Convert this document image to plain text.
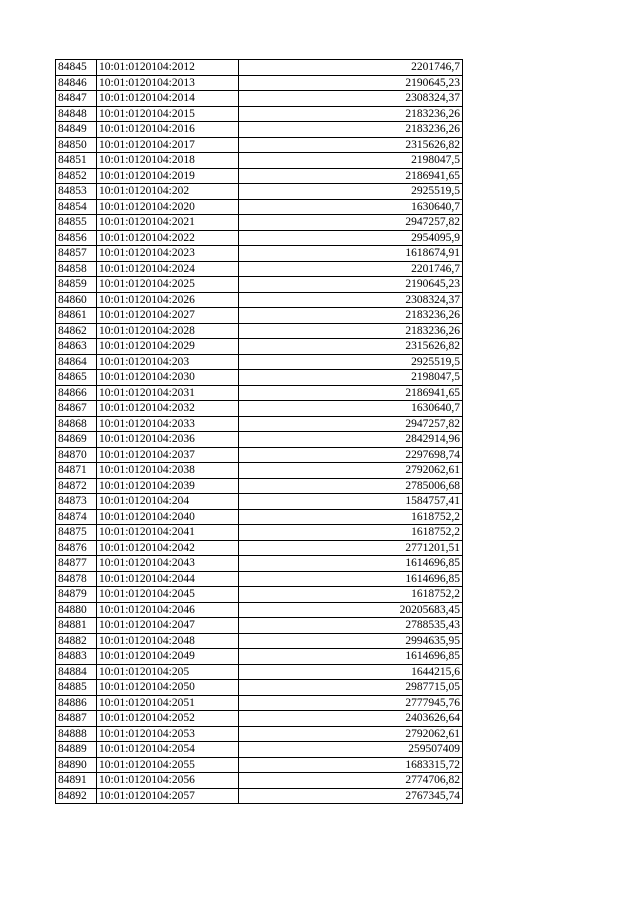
84845	10:01:0120104:2012	2201746,7
84846	10:01:0120104:2013	2190645,23
84847	10:01:0120104:2014	2308324,37
84848	10:01:0120104:2015	2183236,26
84849	10:01:0120104:2016	2183236,26
84850	10:01:0120104:2017	2315626,82
84851	10:01:0120104:2018	2198047,5
84852	10:01:0120104:2019	2186941,65
84853	10:01:0120104:202	2925519,5
84854	10:01:0120104:2020	1630640,7
84855	10:01:0120104:2021	2947257,82
84856	10:01:0120104:2022	2954095,9
84857	10:01:0120104:2023	1618674,91
84858	10:01:0120104:2024	2201746,7
84859	10:01:0120104:2025	2190645,23
84860	10:01:0120104:2026	2308324,37
84861	10:01:0120104:2027	2183236,26
84862	10:01:0120104:2028	2183236,26
84863	10:01:0120104:2029	2315626,82
84864	10:01:0120104:203	2925519,5
84865	10:01:0120104:2030	2198047,5
84866	10:01:0120104:2031	2186941,65
84867	10:01:0120104:2032	1630640,7
84868	10:01:0120104:2033	2947257,82
84869	10:01:0120104:2036	2842914,96
84870	10:01:0120104:2037	2297698,74
84871	10:01:0120104:2038	2792062,61
84872	10:01:0120104:2039	2785006,68
84873	10:01:0120104:204	1584757,41
84874	10:01:0120104:2040	1618752,2
84875	10:01:0120104:2041	1618752,2
84876	10:01:0120104:2042	2771201,51
84877	10:01:0120104:2043	1614696,85
84878	10:01:0120104:2044	1614696,85
84879	10:01:0120104:2045	1618752,2
84880	10:01:0120104:2046	20205683,45
84881	10:01:0120104:2047	2788535,43
84882	10:01:0120104:2048	2994635,95
84883	10:01:0120104:2049	1614696,85
84884	10:01:0120104:205	1644215,6
84885	10:01:0120104:2050	2987715,05
84886	10:01:0120104:2051	2777945,76
84887	10:01:0120104:2052	2403626,64
84888	10:01:0120104:2053	2792062,61
84889	10:01:0120104:2054	259507409
84890	10:01:0120104:2055	1683315,72
84891	10:01:0120104:2056	2774706,82
84892	10:01:0120104:2057	2767345,74
